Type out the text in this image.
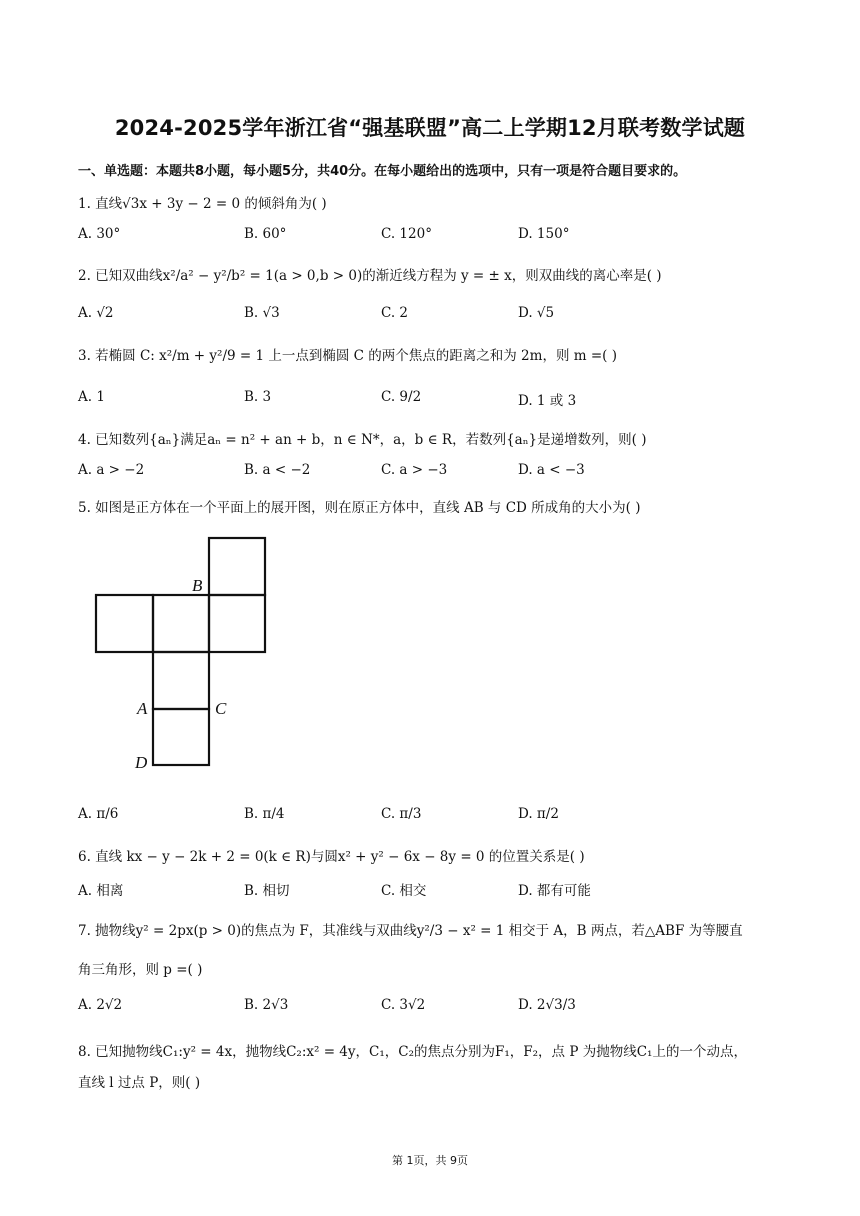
2024-2025学年浙江省“强基联盟”高二上学期12月联考数学试题
一、单选题：本题共8小题，每小题5分，共40分。在每小题给出的选项中，只有一项是符合题目要求的。
1. 直线√3x + 3y − 2 = 0 的倾斜角为( )
A. 30°	B. 60°	C. 120°	D. 150°
2. 已知双曲线x²/a² − y²/b² = 1(a > 0,b > 0)的渐近线方程为 y = ± x，则双曲线的离心率是( )
A. √2	B. √3	C. 2	D. √5
3. 若椭圆 C: x²/m + y²/9 = 1 上一点到椭圆 C 的两个焦点的距离之和为 2m，则 m =( )
A. 1	B. 3	C. 9/2	D. 1 或 3
4. 已知数列{aₙ}满足aₙ = n² + an + b，n ∈ N*，a，b ∈ R，若数列{aₙ}是递增数列，则( )
A. a > −2	B. a < −2	C. a > −3	D. a < −3
5. 如图是正方体在一个平面上的展开图，则在原正方体中，直线 AB 与 CD 所成角的大小为( )
B
A	C
D
A. π/6	B. π/4	C. π/3	D. π/2
6. 直线 kx − y − 2k + 2 = 0(k ∈ R)与圆x² + y² − 6x − 8y = 0 的位置关系是( )
A. 相离	B. 相切	C. 相交	D. 都有可能
7. 抛物线y² = 2px(p > 0)的焦点为 F，其准线与双曲线y²/3 − x² = 1 相交于 A，B 两点，若△ABF 为等腰直
角三角形，则 p =( )
A. 2√2	B. 2√3	C. 3√2	D. 2√3/3
8. 已知抛物线C₁:y² = 4x，抛物线C₂:x² = 4y，C₁，C₂的焦点分别为F₁，F₂，点 P 为抛物线C₁上的一个动点，
直线 l 过点 P，则( )
第 1页，共 9页
